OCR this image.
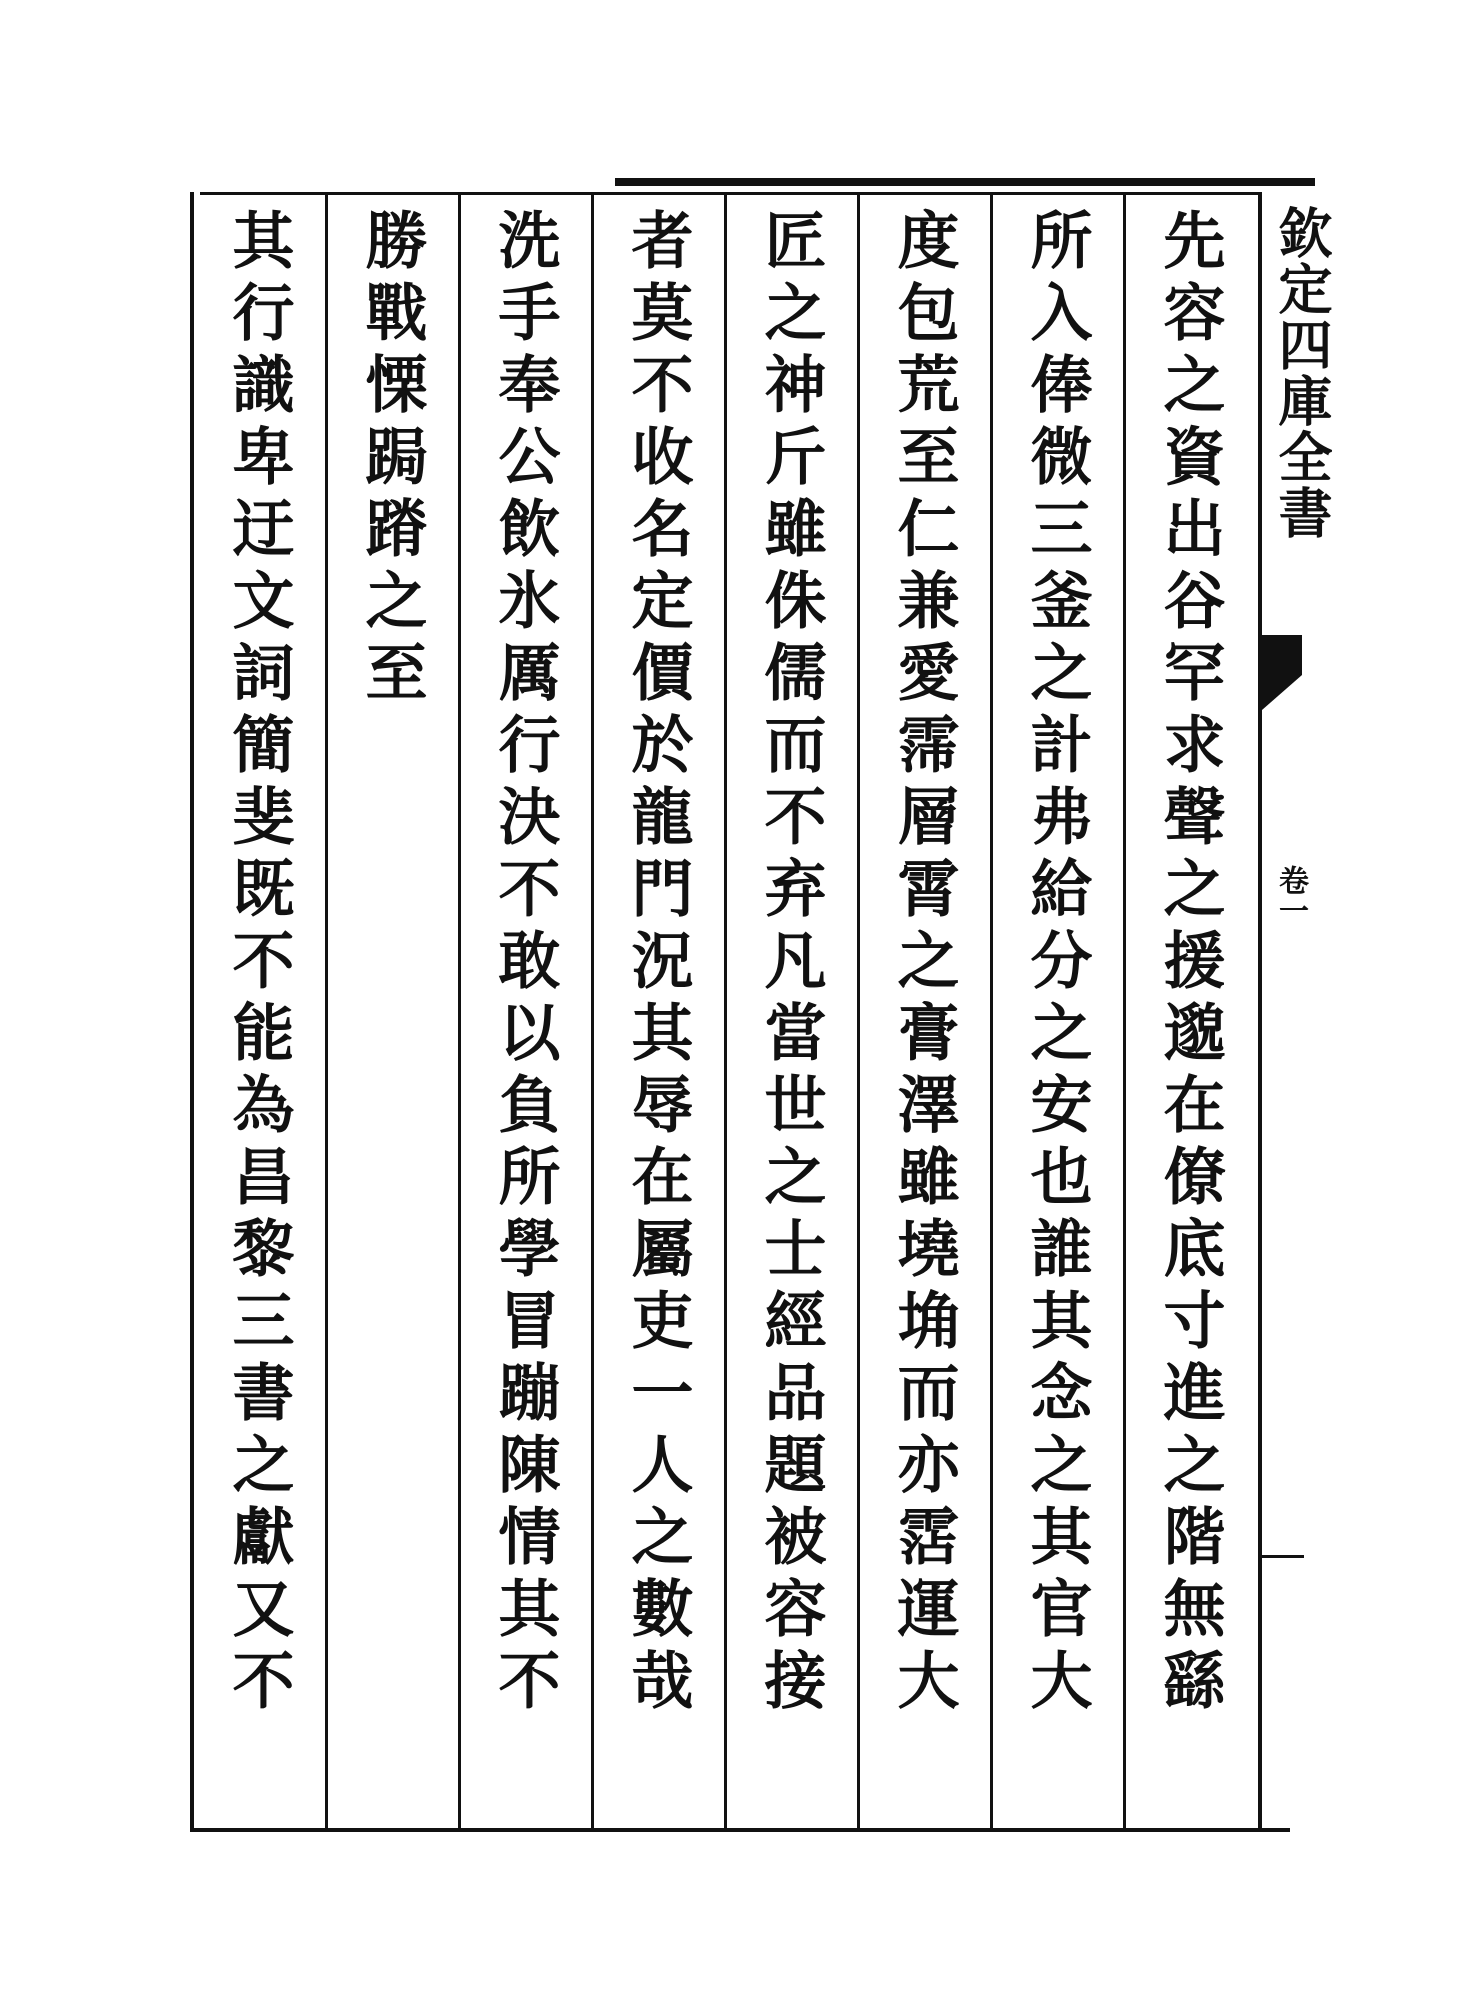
欽定四庫全書
卷一
先容之資出谷罕求聲之援邈在僚底寸進之階無繇
所入俸微三釜之計弗給分之安也誰其念之其官大
度包荒至仁兼愛霈層霄之膏澤雖墝埆而亦霑運大
匠之神斤雖侏儒而不弃凡當世之士經品題被容接
者莫不收名定價於龍門況其辱在屬吏一人之數哉
洗手奉公飲氷厲行決不敢以負所學冒蹦陳情其不
勝戰慄跼蹐之至
其行識卑迂文詞簡斐既不能為昌黎三書之獻又不
